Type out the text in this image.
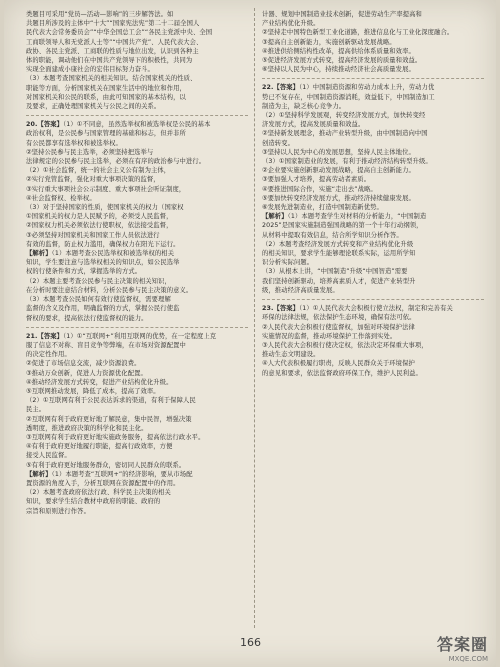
类题目可采用“党员—活动—影响”的三步解答法。如
共题目所涉及的主体中“十大”“国家宪法宪”第二十二届全国人
民代表大会常务委员会”“中华全国总工会”“各民主党派中央、全国
工商联领导人和无党派人士等”“中国共产党”、人民代表大会、
政协、各民主党派、工商联的性质与地位出发，认识到各种主
体的职能，调动他们在中国共产党领导下的积极性，共同为
实现全面建成小康社会的宏伟目标努力奋斗。
（3）本题考查国家机关的相关知识。结合国家机关的性质、
职能等方面，分析国家机关在国家生活中的地位和作用，
对国家机关和公民的联系，由此可知国家的基本结构，以
及要求，正确处理国家机关与公民之间的关系。
20.【答案】（1）①不同意，虽然选举权和被选举权是公民的基本
政治权利，是公民参与国家管理的基础和标志，但并非所
有公民都享有选举权和被选举权。
②坚持公民参与民主选举，必须坚持把选举与
法律规定的公民参与民主选举，必须在有序的政治参与中进行。
（2）①社会监督，统一的社会主义公有制为主体，
②实行党管监督，强化对重大事项决策的监督，
③实行重大事项社会公示制度、重大事项社会听证制度，
④社会监督权、检举权。
（3）对于坚持国家的性质，使国家机关的权力（国家权
①国家机关的权力是人民赋予的，必须受人民监督，
②国家权力机关必须依法行使职权，依法接受监督，
③必须坚持对国家机关和国家工作人员依法进行
有效的监督，防止权力滥用，确保权力在阳光下运行。
【解析】（1）本题考查公民选举权和被选举权的相关
知识，学生要注意与选举权相关的知识点，如公民选举
权的行使条件和方式，掌握选举的方式。
（2）本题主要考查公民参与民主决策的相关知识，
在分析时要注意结合材料，分析公民参与民主决策的意义。
（3）本题考查公民如何有效行使监督权，需要理解
监督的含义及作用，明确监督的方式，掌握公民行使监
督权的要求，提高依法行使监督权的能力。
21.【答案】（1）①“互联网+”利用互联网的优势，在一定程度上克
服了信息不对称、盲目竞争等弊端，在市场对资源配置中
的决定性作用。
②促进了市场信息交流，减少资源浪费。
③推动万众创新，促进人力资源优化配置。
④推动经济发展方式转变，促进产业结构优化升级。
⑤互联网推动发展，降低了成本，提高了效率。
（2）①互联网有利于公民表达诉求的渠道，有利于保障人民
民主。
②互联网有利于政府更好地了解民意，集中民智，增强决策
透明度，推进政府决策的科学化和民主化。
③互联网有利于政府更好地实施政务服务，提高依法行政水平。
④有利于政府更好地履行职能，提高行政效率，方便
接受人民监督。
⑤有利于政府更好地服务群众，密切同人民群众的联系。
【解析】（1）本题考查“互联网+”的经济影响，要从市场配
置资源的角度入手，分析互联网在资源配置中的作用。
（2）本题考查政府依法行政、科学民主决策的相关
知识，要求学生结合教材中政府的职能、政府的
宗旨和原则进行作答。
计器、规划中国制造业技术创新，促进劳动生产率提高和
产业结构优化升级。
②坚持走中国特色新型工业化道路，推进信息化与工业化深度融合。
③提高自主创新能力，实施创新驱动发展战略。
④推进供给侧结构性改革，提高供给体系质量和效率。
⑤促进经济发展方式转变，提高经济发展的质量和效益。
⑥坚持以人民为中心，持续推动经济社会高质量发展。
22.【答案】（1）中国制造资源和劳动力成本上升，劳动力优
势已不复存在，中国制造资源消耗，效益低下，中国制造加工
制造为主，缺乏核心竞争力。
（2）①坚持科学发展观，转变经济发展方式，加快转变经
济发展方式，提高发展质量和效益。
②坚持新发展理念，推动产业转型升级，由中国制造向中国
创造转变。
③坚持以人民为中心的发展思想，坚持人民主体地位。
（3）①国家制造业的发展，有利于推动经济结构转型升级。
②企业要实施创新驱动发展战略，提高自主创新能力。
③要加强人才培养，提高劳动者素质。
④要推进国际合作，实施“走出去”战略。
⑤要加快转变经济发展方式，推动经济持续健康发展。
⑥发展先进制造业，打造中国制造新优势。
【解析】（1）本题考查学生对材料的分析能力，“中国制造
2025”是国家实施制造强国战略的第一个十年行动纲领，
从材料中提取有效信息，结合所学知识分析作答。
（2）本题考查经济发展方式转变和产业结构优化升级
的相关知识，要求学生能够理论联系实际，运用所学知
识分析实际问题。
（3）从根本上讲，“中国制造”升级“中国智造”需要
我们坚持创新驱动，培养高素质人才，促进产业转型升
级，推动经济高质量发展。
23.【答案】（1）①人民代表大会积极行使立法权，制定和完善有关
环保的法律法规，依法保护生态环境，确保有法可依。
②人民代表大会积极行使监督权，加强对环境保护法律
实施情况的监督，推动环境保护工作落到实处。
③人民代表大会积极行使决定权，依法决定环保重大事项，
推动生态文明建设。
④人大代表积极履行职责，反映人民群众关于环境保护
的意见和要求，依法监督政府环保工作，维护人民利益。
166	答案圈
MXQE.COM
